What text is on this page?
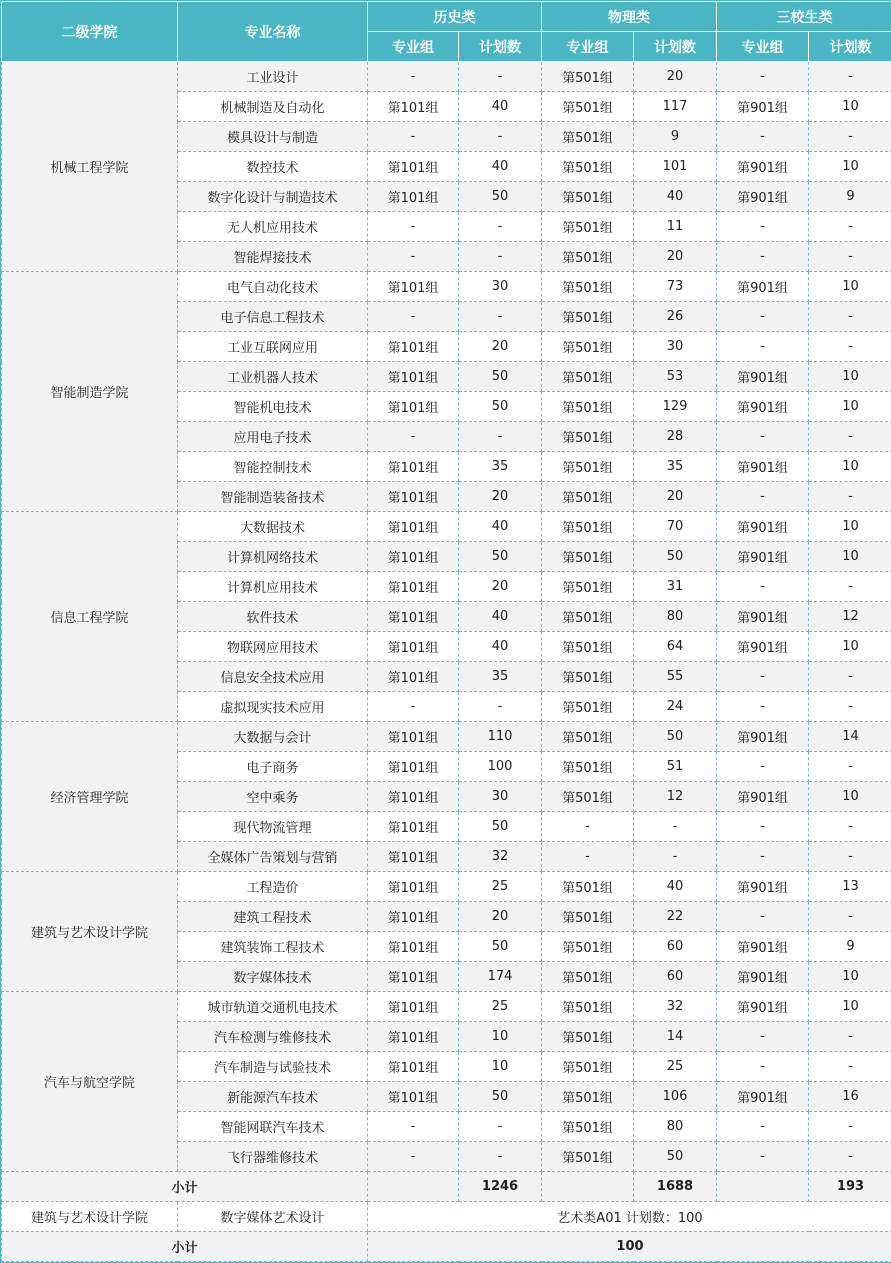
二级学院	专业名称	历史类		物理类		三校生类	
		专业组	计划数	专业组	计划数	专业组	计划数
机械工程学院	工业设计	-	-	第501组	20	-	-
	机械制造及自动化	第101组	40	第501组	117	第901组	10
	模具设计与制造	-	-	第501组	9	-	-
	数控技术	第101组	40	第501组	101	第901组	10
	数字化设计与制造技术	第101组	50	第501组	40	第901组	9
	无人机应用技术	-	-	第501组	11	-	-
	智能焊接技术	-	-	第501组	20	-	-
智能制造学院	电气自动化技术	第101组	30	第501组	73	第901组	10
	电子信息工程技术	-	-	第501组	26	-	-
	工业互联网应用	第101组	20	第501组	30	-	-
	工业机器人技术	第101组	50	第501组	53	第901组	10
	智能机电技术	第101组	50	第501组	129	第901组	10
	应用电子技术	-	-	第501组	28	-	-
	智能控制技术	第101组	35	第501组	35	第901组	10
	智能制造装备技术	第101组	20	第501组	20	-	-
信息工程学院	大数据技术	第101组	40	第501组	70	第901组	10
	计算机网络技术	第101组	50	第501组	50	第901组	10
	计算机应用技术	第101组	20	第501组	31	-	-
	软件技术	第101组	40	第501组	80	第901组	12
	物联网应用技术	第101组	40	第501组	64	第901组	10
	信息安全技术应用	第101组	35	第501组	55	-	-
	虚拟现实技术应用	-	-	第501组	24	-	-
经济管理学院	大数据与会计	第101组	110	第501组	50	第901组	14
	电子商务	第101组	100	第501组	51	-	-
	空中乘务	第101组	30	第501组	12	第901组	10
	现代物流管理	第101组	50	-	-	-	-
	全媒体广告策划与营销	第101组	32	-	-	-	-
建筑与艺术设计学院	工程造价	第101组	25	第501组	40	第901组	13
	建筑工程技术	第101组	20	第501组	22	-	-
	建筑装饰工程技术	第101组	50	第501组	60	第901组	9
	数字媒体技术	第101组	174	第501组	60	第901组	10
汽车与航空学院	城市轨道交通机电技术	第101组	25	第501组	32	第901组	10
	汽车检测与维修技术	第101组	10	第501组	14	-	-
	汽车制造与试验技术	第101组	10	第501组	25	-	-
	新能源汽车技术	第101组	50	第501组	106	第901组	16
	智能网联汽车技术	-	-	第501组	80	-	-
	飞行器维修技术	-	-	第501组	50	-	-
小计			1246		1688		193
建筑与艺术设计学院	数字媒体艺术设计	艺术类A01 计划数：100					
小计		100					
